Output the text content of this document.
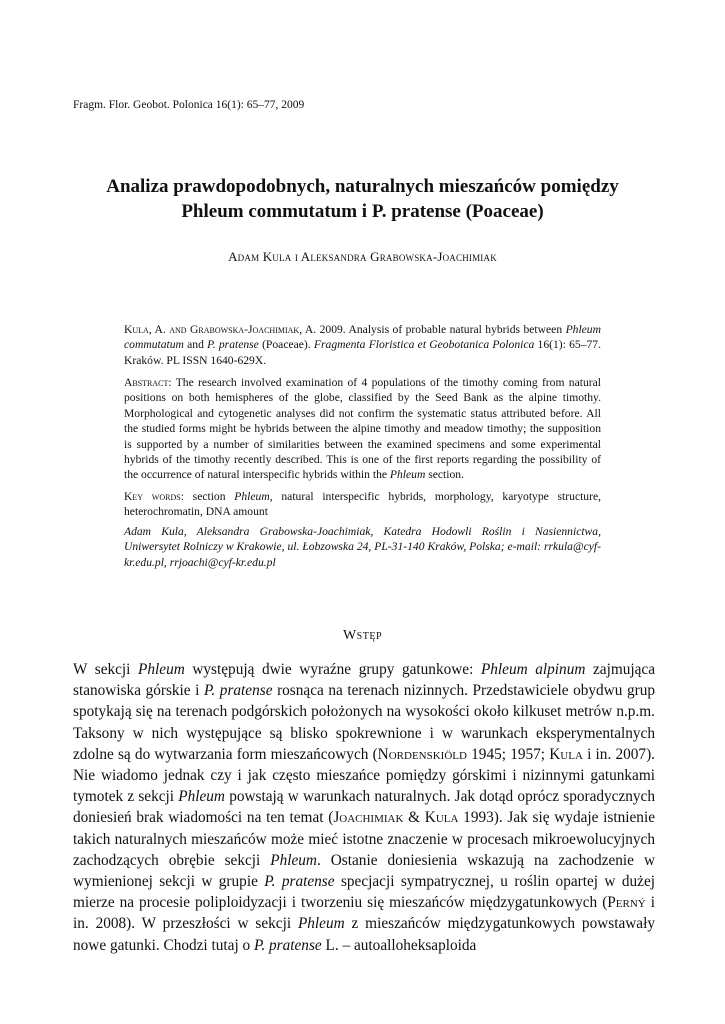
Fragm. Flor. Geobot. Polonica 16(1): 65–77, 2009
Analiza prawdopodobnych, naturalnych mieszańców pomiędzy
Phleum commutatum i P. pratense (Poaceae)
Adam Kula i Aleksandra Grabowska-Joachimiak

Kula, A. and Grabowska-Joachimiak, A. 2009. Analysis of probable natural hybrids between Phleum commutatum and P. pratense (Poaceae). Fragmenta Floristica et Geobotanica Polonica 16(1): 65–77. Kraków. PL ISSN 1640-629X.

Abstract: The research involved examination of 4 populations of the timothy coming from natural positions on both hemispheres of the globe, classified by the Seed Bank as the alpine timothy. Morphological and cytogenetic analyses did not confirm the systematic status attributed before. All the studied forms might be hybrids between the alpine timothy and meadow timothy; the supposition is supported by a number of similarities between the examined specimens and some experimental hybrids of the timothy recently described. This is one of the first reports regarding the possibility of the occurrence of natural interspecific hybrids within the Phleum section.

Key words: section Phleum, natural interspecific hybrids, morphology, karyotype structure, heterochromatin, DNA amount

Adam Kula, Aleksandra Grabowska-Joachimiak, Katedra Hodowli Roślin i Nasiennictwa, Uniwersytet Rolniczy w Krakowie, ul. Łobzowska 24, PL-31-140 Kraków, Polska; e-mail: rrkula@cyf-kr.edu.pl, rrjoachi@cyf-kr.edu.pl

Wstęp

W sekcji Phleum występują dwie wyraźne grupy gatunkowe: Phleum alpinum zajmująca stanowiska górskie i P. pratense rosnąca na terenach nizinnych. Przedstawiciele obydwu grup spotykają się na terenach podgórskich położonych na wysokości około kilkuset metrów n.p.m. Taksony w nich występujące są blisko spokrewnione i w warunkach eksperymentalnych zdolne są do wytwarzania form mieszańcowych (Nordenskiöld 1945; 1957; Kula i in. 2007). Nie wiadomo jednak czy i jak często mieszańce pomiędzy górskimi i nizinnymi gatunkami tymotek z sekcji Phleum powstają w warunkach naturalnych. Jak dotąd oprócz sporadycznych doniesień brak wiadomości na ten temat (Joachimiak & Kula 1993). Jak się wydaje istnienie takich naturalnych mieszańców może mieć istotne znaczenie w procesach mikroewolucyjnych zachodzących obrębie sekcji Phleum. Ostanie doniesienia wskazują na zachodzenie w wymienionej sekcji w grupie P. pratense specjacji sympatrycznej, u roślin opartej w dużej mierze na procesie poliploidyzacji i tworzeniu się mieszańców międzygatunkowych (Perný i in. 2008). W przeszłości w sekcji Phleum z mieszańców międzygatunkowych powstawały nowe gatunki. Chodzi tutaj o P. pratense L. – autoalloheksaploida
